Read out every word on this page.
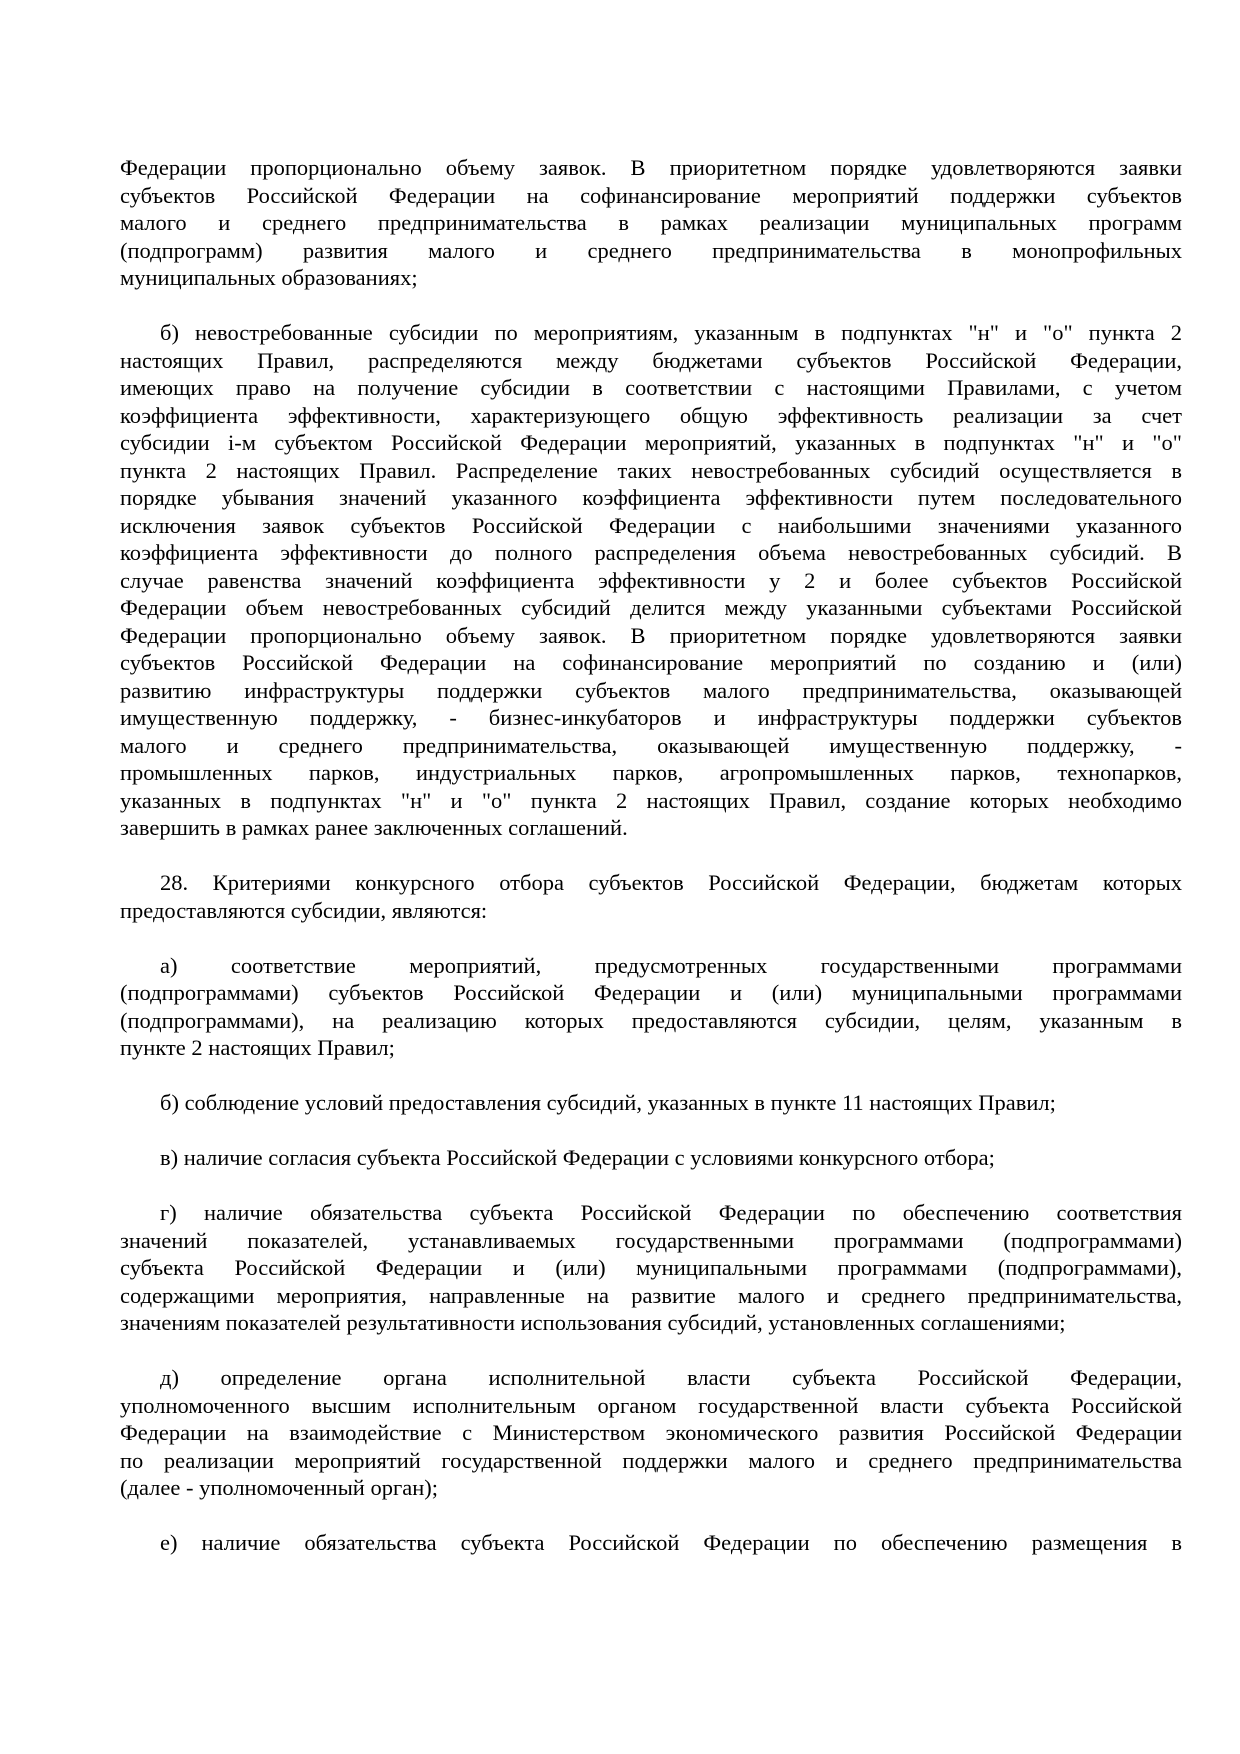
Федерации пропорционально объему заявок. В приоритетном порядке удовлетворяются заявки
субъектов Российской Федерации на софинансирование мероприятий поддержки субъектов
малого и среднего предпринимательства в рамках реализации муниципальных программ
(подпрограмм) развития малого и среднего предпринимательства в монопрофильных
муниципальных образованиях;
б) невостребованные субсидии по мероприятиям, указанным в подпунктах "н" и "о" пункта 2
настоящих Правил, распределяются между бюджетами субъектов Российской Федерации,
имеющих право на получение субсидии в соответствии с настоящими Правилами, с учетом
коэффициента эффективности, характеризующего общую эффективность реализации за счет
субсидии i-м субъектом Российской Федерации мероприятий, указанных в подпунктах "н" и "о"
пункта 2 настоящих Правил. Распределение таких невостребованных субсидий осуществляется в
порядке убывания значений указанного коэффициента эффективности путем последовательного
исключения заявок субъектов Российской Федерации с наибольшими значениями указанного
коэффициента эффективности до полного распределения объема невостребованных субсидий. В
случае равенства значений коэффициента эффективности у 2 и более субъектов Российской
Федерации объем невостребованных субсидий делится между указанными субъектами Российской
Федерации пропорционально объему заявок. В приоритетном порядке удовлетворяются заявки
субъектов Российской Федерации на софинансирование мероприятий по созданию и (или)
развитию инфраструктуры поддержки субъектов малого предпринимательства, оказывающей
имущественную поддержку, - бизнес-инкубаторов и инфраструктуры поддержки субъектов
малого и среднего предпринимательства, оказывающей имущественную поддержку, -
промышленных парков, индустриальных парков, агропромышленных парков, технопарков,
указанных в подпунктах "н" и "о" пункта 2 настоящих Правил, создание которых необходимо
завершить в рамках ранее заключенных соглашений.
28. Критериями конкурсного отбора субъектов Российской Федерации, бюджетам которых
предоставляются субсидии, являются:
а) соответствие мероприятий, предусмотренных государственными программами
(подпрограммами) субъектов Российской Федерации и (или) муниципальными программами
(подпрограммами), на реализацию которых предоставляются субсидии, целям, указанным в
пункте 2 настоящих Правил;
б) соблюдение условий предоставления субсидий, указанных в пункте 11 настоящих Правил;
в) наличие согласия субъекта Российской Федерации с условиями конкурсного отбора;
г) наличие обязательства субъекта Российской Федерации по обеспечению соответствия
значений показателей, устанавливаемых государственными программами (подпрограммами)
субъекта Российской Федерации и (или) муниципальными программами (подпрограммами),
содержащими мероприятия, направленные на развитие малого и среднего предпринимательства,
значениям показателей результативности использования субсидий, установленных соглашениями;
д) определение органа исполнительной власти субъекта Российской Федерации,
уполномоченного высшим исполнительным органом государственной власти субъекта Российской
Федерации на взаимодействие с Министерством экономического развития Российской Федерации
по реализации мероприятий государственной поддержки малого и среднего предпринимательства
(далее - уполномоченный орган);
е) наличие обязательства субъекта Российской Федерации по обеспечению размещения в
